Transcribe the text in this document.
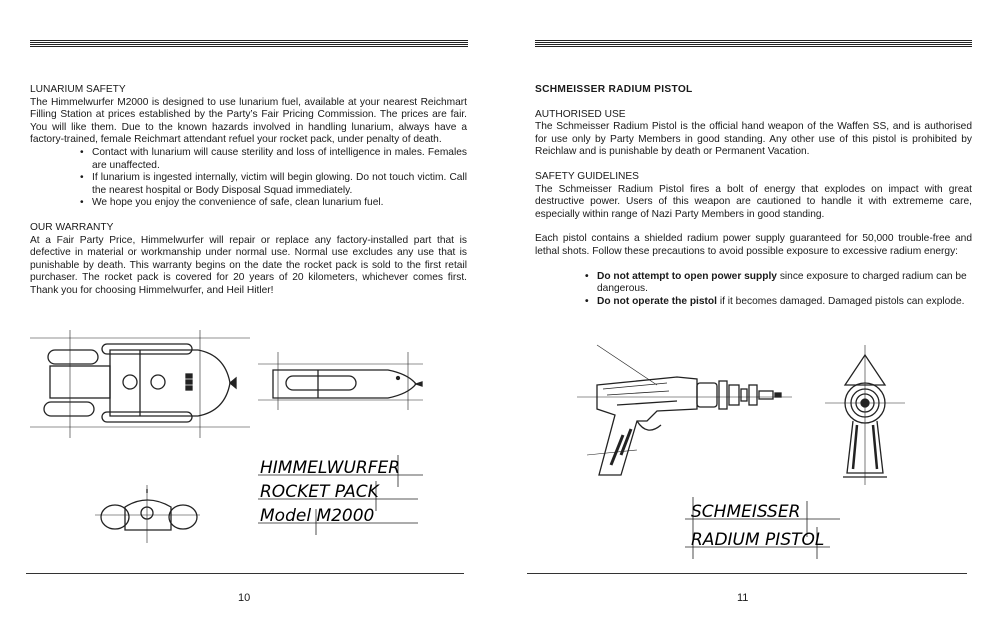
LUNARIUM SAFETY

The Himmelwurfer M2000 is designed to use lunarium fuel, available at your nearest Reichmart Filling Station at prices established by the Party’s Fair Pricing Commission. The prices are fair. You will like them. Due to the known hazards involved in handling lunarium, always have a factory-trained, female Reichmart attendant refuel your rocket pack, under penalty of death.

• Contact with lunarium will cause sterility and loss of intelligence in males. Females are unaffected.
• If lunarium is ingested internally, victim will begin glowing. Do not touch victim. Call the nearest hospital or Body Disposal Squad immediately.
• We hope you enjoy the convenience of safe, clean lunarium fuel.
OUR WARRANTY

At a Fair Party Price, Himmelwurfer will repair or replace any factory-installed part that is defective in material or workmanship under normal use. Normal use excludes any use that is punishable by death. This warranty begins on the date the rocket pack is sold to the first retail purchaser. The rocket pack is covered for 20 years of 20 kilometers, whichever comes first. Thank you for choosing Himmelwurfer, and Heil Hitler!

HIMMELWURFER
ROCKET PACK
Model M2000
10
SCHMEISSER RADIUM PISTOL
AUTHORISED USE

The Schmeisser Radium Pistol is the official hand weapon of the Waffen SS, and is authorised for use only by Party Members in good standing. Any other use of this pistol is prohibited by Reichlaw and is punishable by death or Permanent Vacation.

SAFETY GUIDELINES

The Schmeisser Radium Pistol fires a bolt of energy that explodes on impact with great destructive power. Users of this weapon are cautioned to handle it with extrememe care, especially within range of Nazi Party Members in good standing.

Each pistol contains a shielded radium power supply guaranteed for 50,000 trouble-free and lethal shots. Follow these precautions to avoid possible exposure to excessive radium energy:

• Do not attempt to open power supply since exposure to charged radium can be dangerous.
• Do not operate the pistol if it becomes damaged. Damaged pistols can explode.
SCHMEISSER
RADIUM PISTOL
11
